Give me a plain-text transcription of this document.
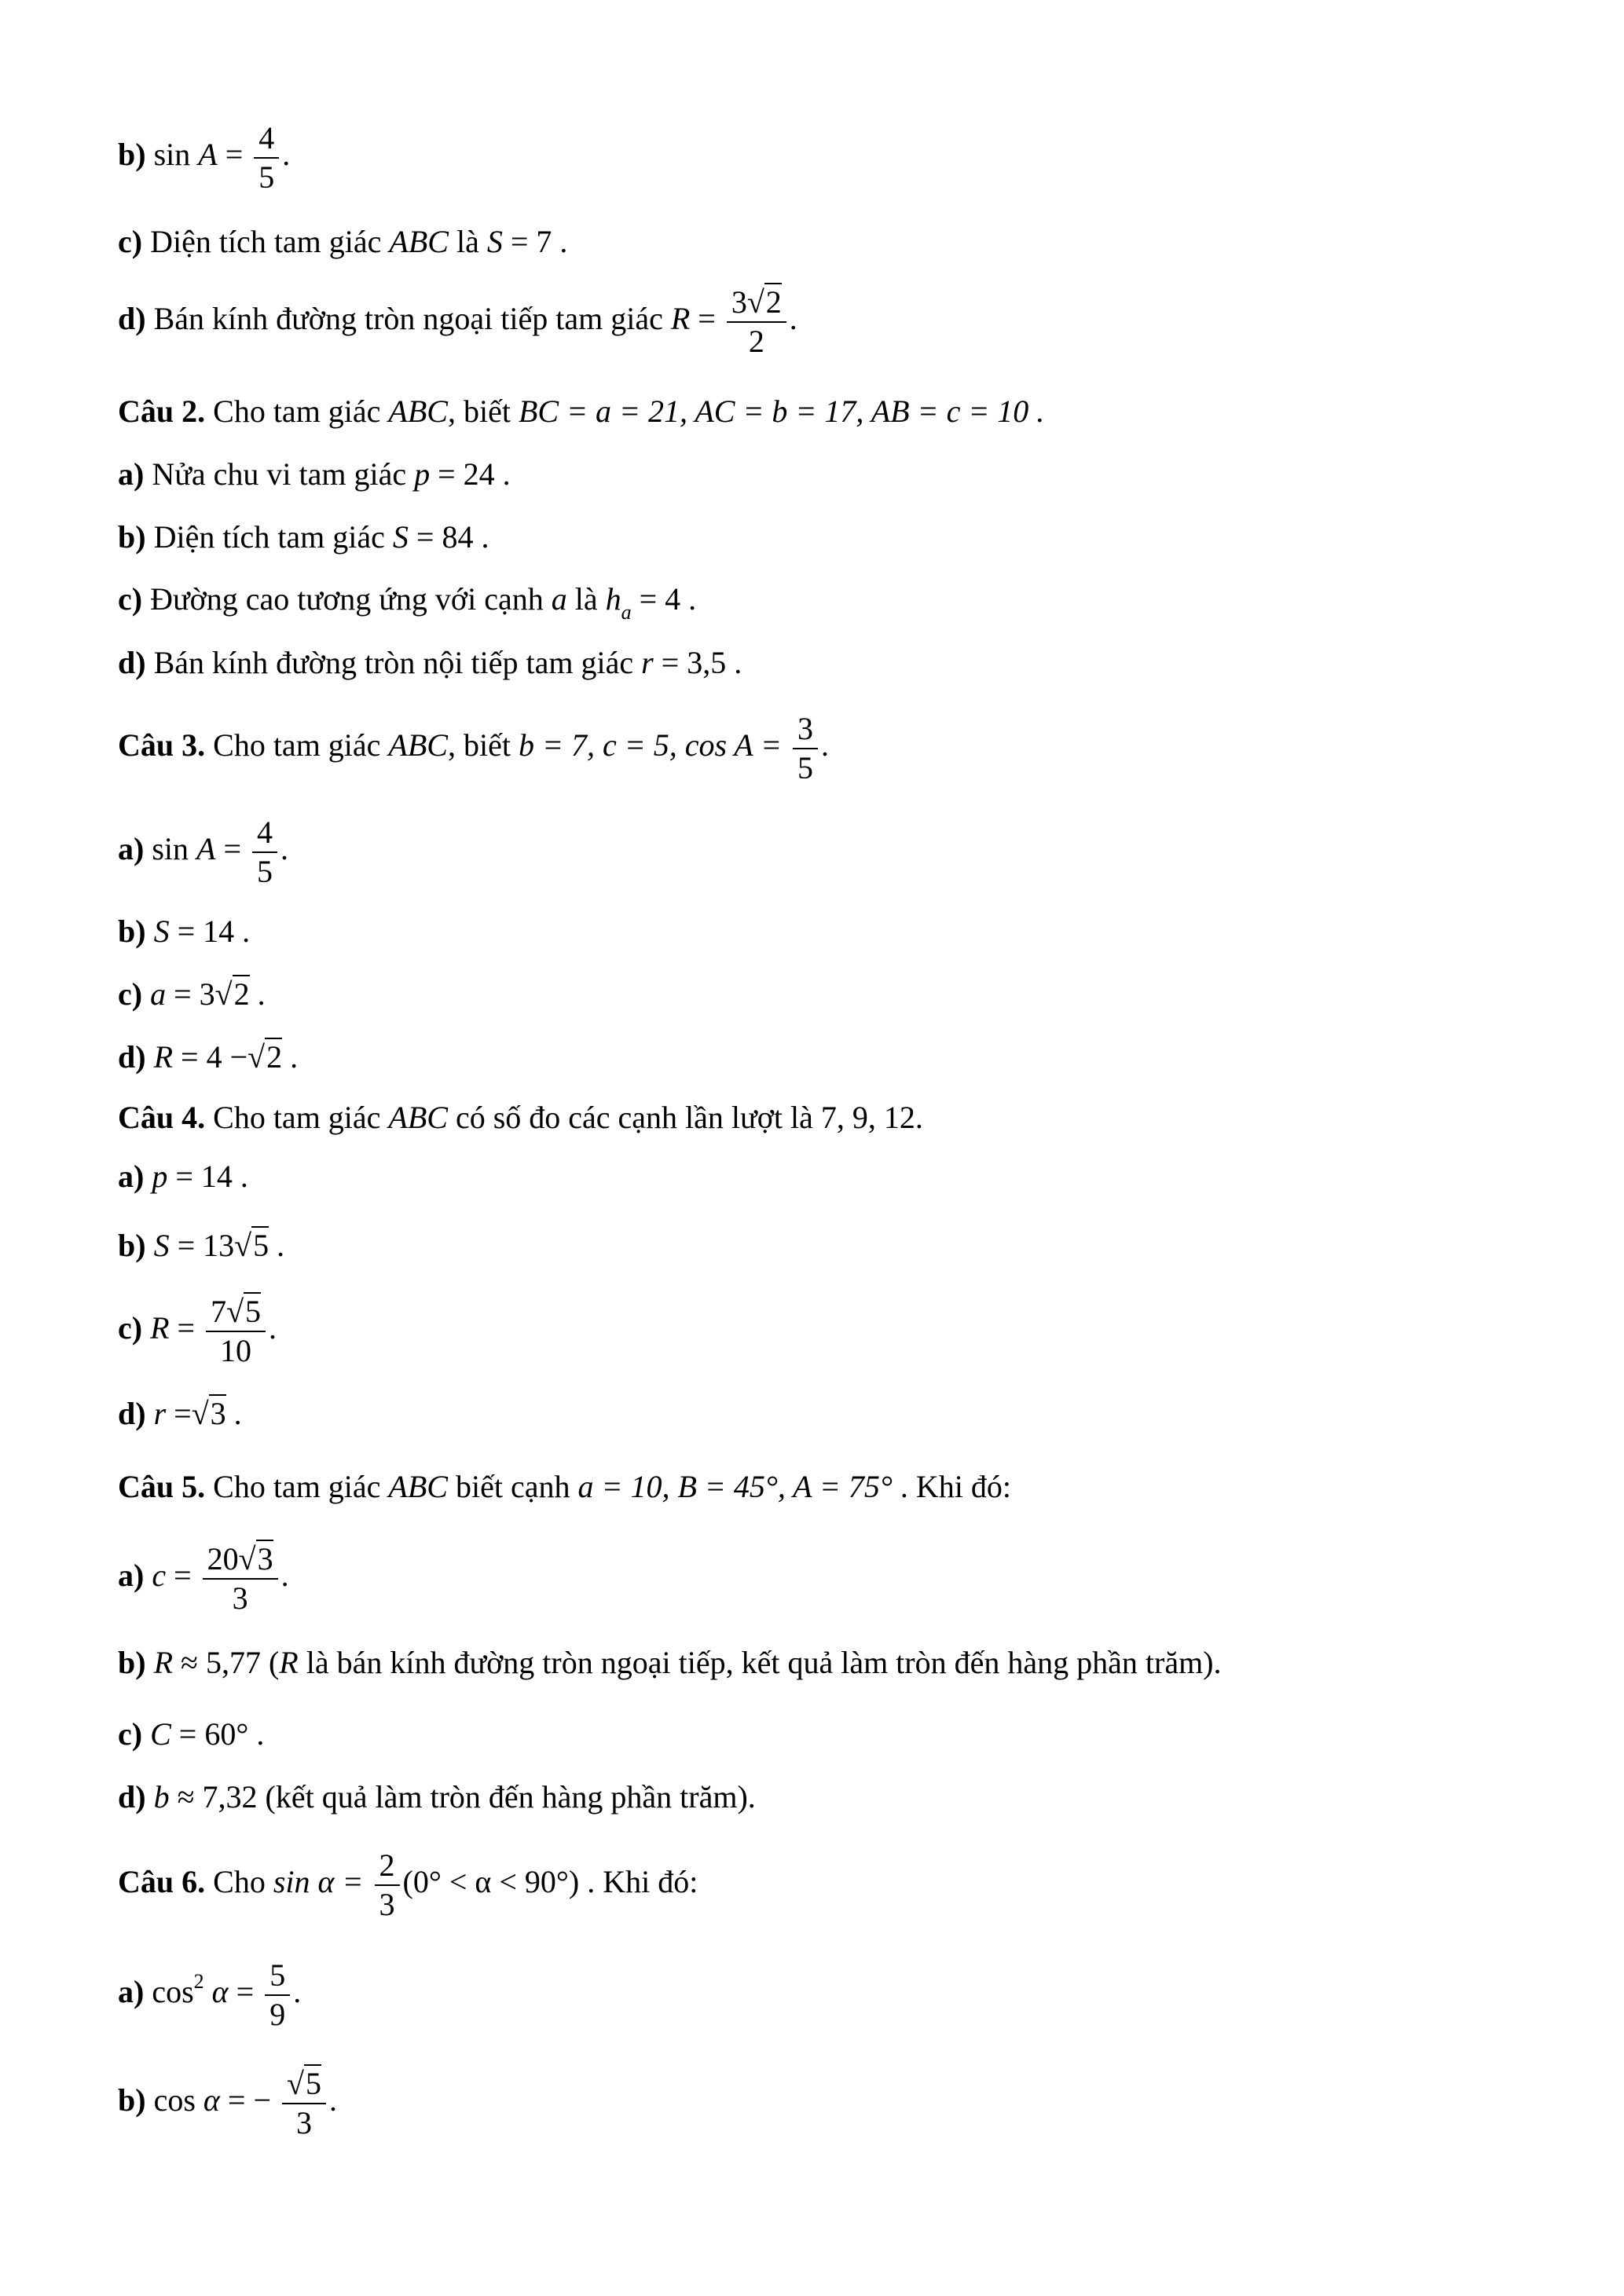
b) $\sin A = \frac{4}{5}$ .
c) Diện tích tam giác ABC là S = 7 .
d) Bán kính đường tròn ngoại tiếp tam giác $R = \frac{3√2}{2}$ .
Câu 2. Cho tam giác ABC, biết BC = a = 21, AC = b = 17, AB = c = 10 .
a) Nửa chu vi tam giác p = 24 .
b) Diện tích tam giác S = 84 .
c) Đường cao tương ứng với cạnh a là $h_a = 4$ .
d) Bán kính đường tròn nội tiếp tam giác r = 3,5 .
Câu 3. Cho tam giác ABC, biết b = 7, c = 5, $\cos A = \frac{3}{5}$ .
a) $\sin A = \frac{4}{5}$ .
b) S = 14 .
c) a = 3√2 .
d) R = 4 −√2 .
Câu 4. Cho tam giác ABC có số đo các cạnh lần lượt là 7, 9, 12.
a) p = 14 .
b) S = 13√5 .
c) $R = \frac{7√5}{10}$ .
d) r =√3 .
Câu 5. Cho tam giác ABC biết cạnh a = 10, B = 45°, A = 75° . Khi đó:
a) $c = \frac{20√3}{3}$ .
b) R ≈ 5,77 (R là bán kính đường tròn ngoại tiếp, kết quả làm tròn đến hàng phần trăm).
c) C = 60° .
d) b ≈ 7,32 (kết quả làm tròn đến hàng phần trăm).
Câu 6. Cho $\sin \alpha = \frac{2}{3} (0^\circ < \alpha < 90^\circ)$ . Khi đó:
a) $\cos^2 \alpha = \frac{5}{9}$ .
b) cos α = − $\frac{√5}{3}$ .
